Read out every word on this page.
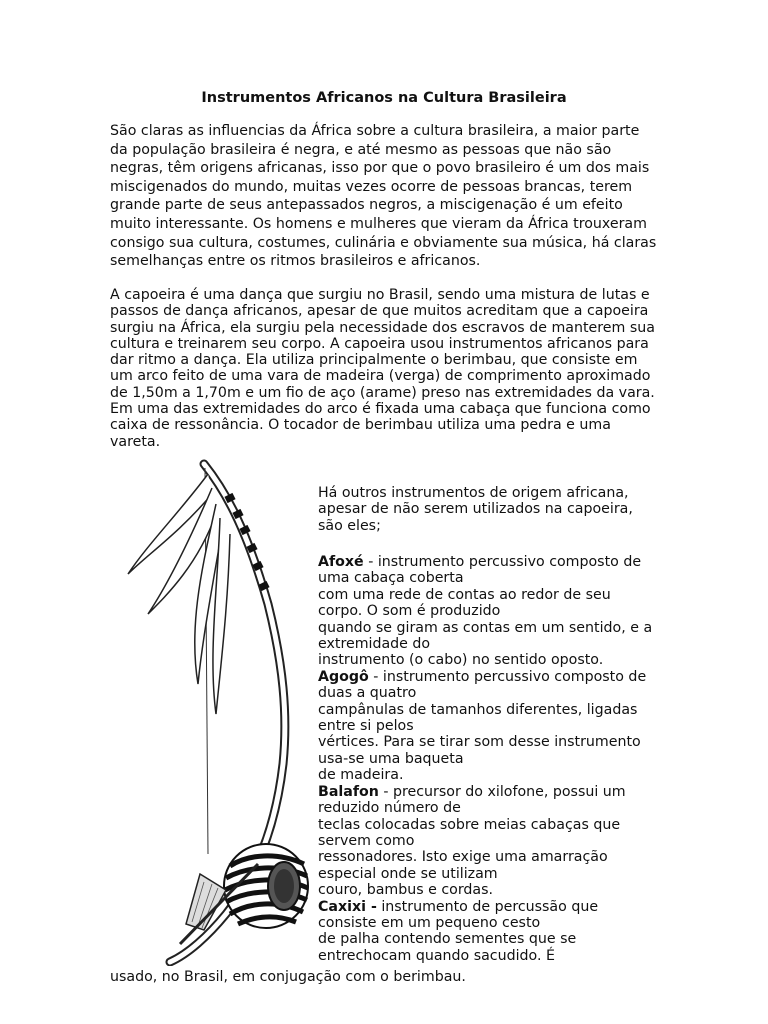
Instrumentos Africanos na Cultura Brasileira
São claras as influencias da África sobre a cultura brasileira, a maior parte
da população brasileira é negra, e até mesmo as pessoas que não são
negras, têm origens africanas, isso por que o povo brasileiro é um dos mais
miscigenados do mundo, muitas vezes ocorre de pessoas brancas, terem
grande parte de seus antepassados negros, a miscigenação é um efeito
muito interessante. Os homens e mulheres que vieram da África trouxeram
consigo sua cultura, costumes, culinária e obviamente sua música, há claras
semelhanças entre os ritmos brasileiros e africanos.
A capoeira é uma dança que surgiu no Brasil, sendo uma mistura de lutas e
passos de dança africanos, apesar de que muitos acreditam que a capoeira
surgiu na África, ela surgiu pela necessidade dos escravos de manterem sua
cultura e treinarem seu corpo. A capoeira usou instrumentos africanos para
dar ritmo a dança. Ela utiliza principalmente o berimbau, que consiste em
um arco feito de uma vara de madeira (verga) de comprimento aproximado
de 1,50m a 1,70m e um fio de aço (arame) preso nas extremidades da vara.
Em uma das extremidades do arco é fixada uma cabaça que funciona como
caixa de ressonância. O tocador de berimbau utiliza uma pedra e uma
vareta.
Há outros instrumentos de origem africana,
apesar de não serem utilizados na capoeira,
são eles;
Afoxé - instrumento percussivo composto de
uma cabaça coberta
com uma rede de contas ao redor de seu
corpo. O som é produzido
quando se giram as contas em um sentido, e a
extremidade do
instrumento (o cabo) no sentido oposto.
Agogô - instrumento percussivo composto de
duas a quatro
campânulas de tamanhos diferentes, ligadas
entre si pelos
vértices. Para se tirar som desse instrumento
usa-se uma baqueta
de madeira.
Balafon - precursor do xilofone, possui um
reduzido número de
teclas colocadas sobre meias cabaças que
servem como
ressonadores. Isto exige uma amarração
especial onde se utilizam
couro, bambus e cordas.
Caxixi - instrumento de percussão que
consiste em um pequeno cesto
de palha contendo sementes que se
entrechocam quando sacudido. É
usado, no Brasil, em conjugação com o berimbau.
